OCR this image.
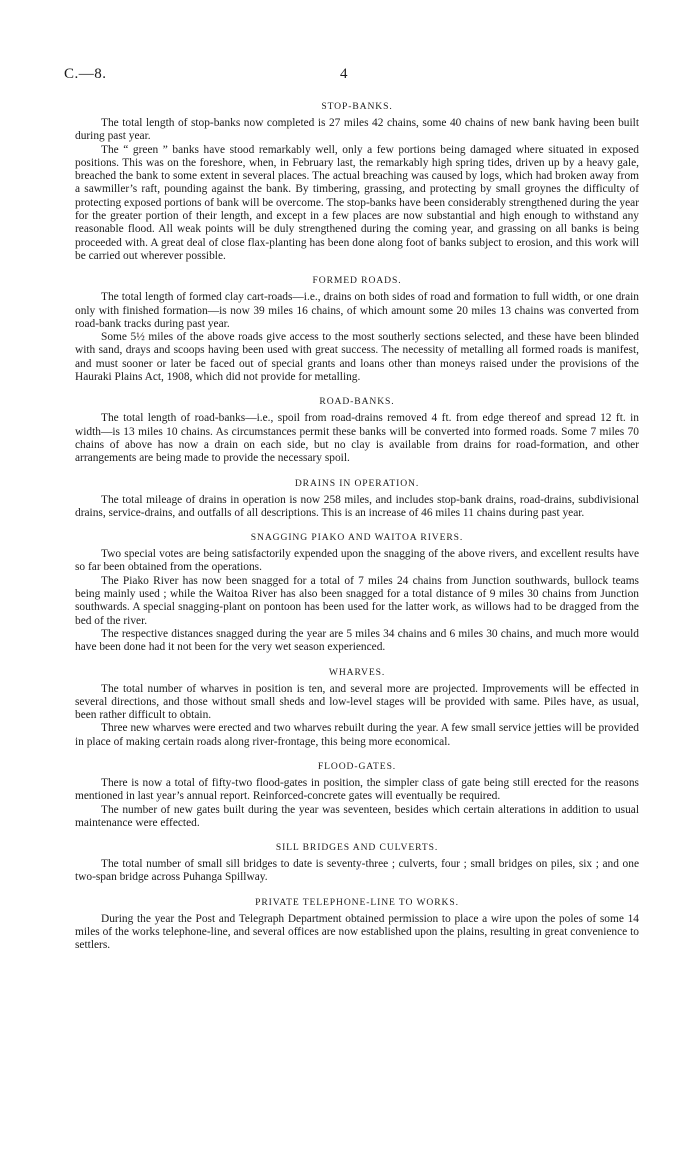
C.—8.	4
STOP-BANKS.

The total length of stop-banks now completed is 27 miles 42 chains, some 40 chains of new bank having been built during past year.

The “ green ” banks have stood remarkably well, only a few portions being damaged where situated in exposed positions. This was on the foreshore, when, in February last, the remarkably high spring tides, driven up by a heavy gale, breached the bank to some extent in several places. The actual breaching was caused by logs, which had broken away from a sawmiller’s raft, pounding against the bank. By timbering, grassing, and protecting by small groynes the difficulty of protecting exposed portions of bank will be overcome. The stop-banks have been considerably strengthened during the year for the greater portion of their length, and except in a few places are now substantial and high enough to withstand any reasonable flood. All weak points will be duly strengthened during the coming year, and grassing on all banks is being proceeded with. A great deal of close flax-planting has been done along foot of banks subject to erosion, and this work will be carried out wherever possible.

FORMED ROADS.

The total length of formed clay cart-roads—i.e., drains on both sides of road and formation to full width, or one drain only with finished formation—is now 39 miles 16 chains, of which amount some 20 miles 13 chains was converted from road-bank tracks during past year.

Some 5½ miles of the above roads give access to the most southerly sections selected, and these have been blinded with sand, drays and scoops having been used with great success. The necessity of metalling all formed roads is manifest, and must sooner or later be faced out of special grants and loans other than moneys raised under the provisions of the Hauraki Plains Act, 1908, which did not provide for metalling.

ROAD-BANKS.

The total length of road-banks—i.e., spoil from road-drains removed 4 ft. from edge thereof and spread 12 ft. in width—is 13 miles 10 chains. As circumstances permit these banks will be converted into formed roads. Some 7 miles 70 chains of above has now a drain on each side, but no clay is available from drains for road-formation, and other arrangements are being made to provide the necessary spoil.

DRAINS IN OPERATION.

The total mileage of drains in operation is now 258 miles, and includes stop-bank drains, road-drains, subdivisional drains, service-drains, and outfalls of all descriptions. This is an increase of 46 miles 11 chains during past year.

SNAGGING PIAKO AND WAITOA RIVERS.

Two special votes are being satisfactorily expended upon the snagging of the above rivers, and excellent results have so far been obtained from the operations.

The Piako River has now been snagged for a total of 7 miles 24 chains from Junction southwards, bullock teams being mainly used ; while the Waitoa River has also been snagged for a total distance of 9 miles 30 chains from Junction southwards. A special snagging-plant on pontoon has been used for the latter work, as willows had to be dragged from the bed of the river.

The respective distances snagged during the year are 5 miles 34 chains and 6 miles 30 chains, and much more would have been done had it not been for the very wet season experienced.

WHARVES.

The total number of wharves in position is ten, and several more are projected. Improvements will be effected in several directions, and those without small sheds and low-level stages will be provided with same. Piles have, as usual, been rather difficult to obtain.

Three new wharves were erected and two wharves rebuilt during the year. A few small service jetties will be provided in place of making certain roads along river-frontage, this being more economical.

FLOOD-GATES.

There is now a total of fifty-two flood-gates in position, the simpler class of gate being still erected for the reasons mentioned in last year’s annual report. Reinforced-concrete gates will eventually be required.

The number of new gates built during the year was seventeen, besides which certain alterations in addition to usual maintenance were effected.

SILL BRIDGES AND CULVERTS.

The total number of small sill bridges to date is seventy-three ; culverts, four ; small bridges on piles, six ; and one two-span bridge across Puhanga Spillway.

PRIVATE TELEPHONE-LINE TO WORKS.

During the year the Post and Telegraph Department obtained permission to place a wire upon the poles of some 14 miles of the works telephone-line, and several offices are now established upon the plains, resulting in great convenience to settlers.
